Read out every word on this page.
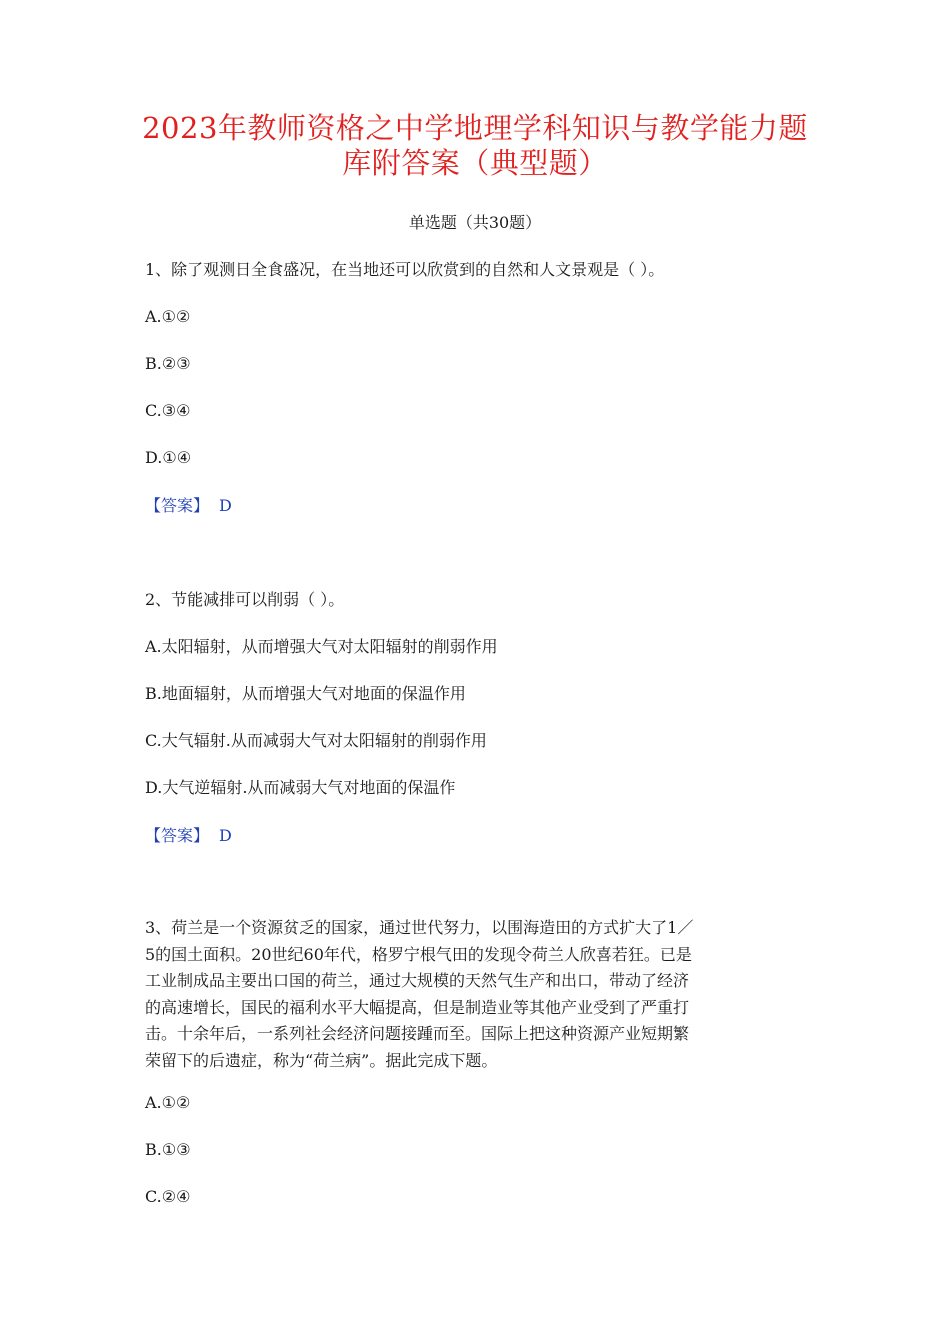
2023年教师资格之中学地理学科知识与教学能力题
库附答案（典型题）
单选题（共30题）
1、除了观测日全食盛况，在当地还可以欣赏到的自然和人文景观是（ ）。
A.①②
B.②③
C.③④
D.①④
【答案】 D
2、节能减排可以削弱（ ）。
A.太阳辐射，从而增强大气对太阳辐射的削弱作用
B.地面辐射，从而增强大气对地面的保温作用
C.大气辐射.从而减弱大气对太阳辐射的削弱作用
D.大气逆辐射.从而减弱大气对地面的保温作
【答案】 D
3、荷兰是一个资源贫乏的国家，通过世代努力，以围海造田的方式扩大了1／
5的国土面积。20世纪60年代，格罗宁根气田的发现令荷兰人欣喜若狂。已是
工业制成品主要出口国的荷兰，通过大规模的天然气生产和出口，带动了经济
的高速增长，国民的福利水平大幅提高，但是制造业等其他产业受到了严重打
击。十余年后，一系列社会经济问题接踵而至。国际上把这种资源产业短期繁
荣留下的后遗症，称为“荷兰病”。据此完成下题。
A.①②
B.①③
C.②④
